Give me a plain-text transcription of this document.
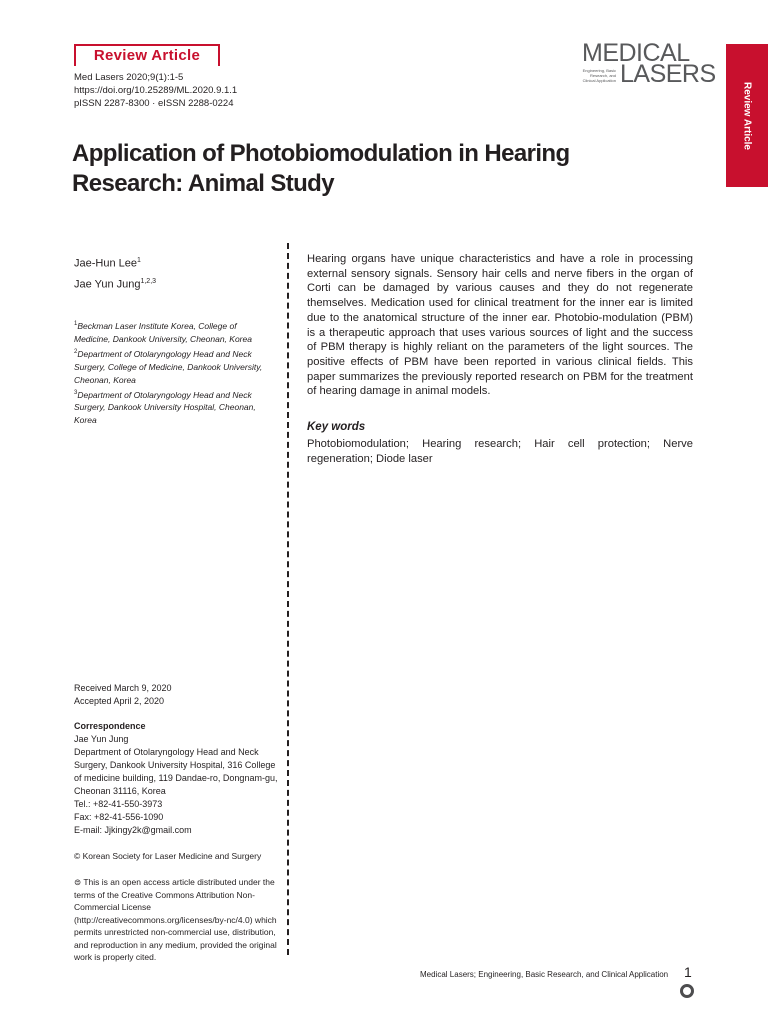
Review Article
Med Lasers 2020;9(1):1-5
https://doi.org/10.25289/ML.2020.9.1.1
pISSN 2287-8300 · eISSN 2288-0224
MEDICAL
Engineering, Basic Research, and Clinical Application LASERS
Review Article
Application of Photobiomodulation in Hearing Research: Animal Study
Jae-Hun Lee$^1$
Jae Yun Jung$^{1,2,3}$
$^1$Beckman Laser Institute Korea, College of Medicine, Dankook University, Cheonan, Korea
$^2$Department of Otolaryngology Head and Neck Surgery, College of Medicine, Dankook University, Cheonan, Korea
$^3$Department of Otolaryngology Head and Neck Surgery, Dankook University Hospital, Cheonan, Korea
Received March 9, 2020
Accepted April 2, 2020
Correspondence
Jae Yun Jung
Department of Otolaryngology Head and Neck Surgery, Dankook University Hospital, 316 College of medicine building, 119 Dandae-ro, Dongnam-gu, Cheonan 31116, Korea
Tel.: +82-41-550-3973
Fax: +82-41-556-1090
E-mail: Jjkingy2k@gmail.com
© Korean Society for Laser Medicine and Surgery
⊜ This is an open access article distributed under the terms of the Creative Commons Attribution Non-Commercial License (http://creativecommons.org/licenses/by-nc/4.0) which permits unrestricted non-commercial use, distribution, and reproduction in any medium, provided the original work is properly cited.
Hearing organs have unique characteristics and have a role in processing external sensory signals. Sensory hair cells and nerve fibers in the organ of Corti can be damaged by various causes and they do not regenerate themselves. Medication used for clinical treatment for the inner ear is limited due to the anatomical structure of the inner ear. Photobio-modulation (PBM) is a therapeutic approach that uses various sources of light and the success of PBM therapy is highly reliant on the parameters of the light sources. The positive effects of PBM have been reported in various clinical fields. This paper summarizes the previously reported research on PBM for the treatment of hearing damage in animal models.
Key words
Photobiomodulation; Hearing research; Hair cell protection; Nerve regeneration; Diode laser
Medical Lasers; Engineering, Basic Research, and Clinical Application 1
